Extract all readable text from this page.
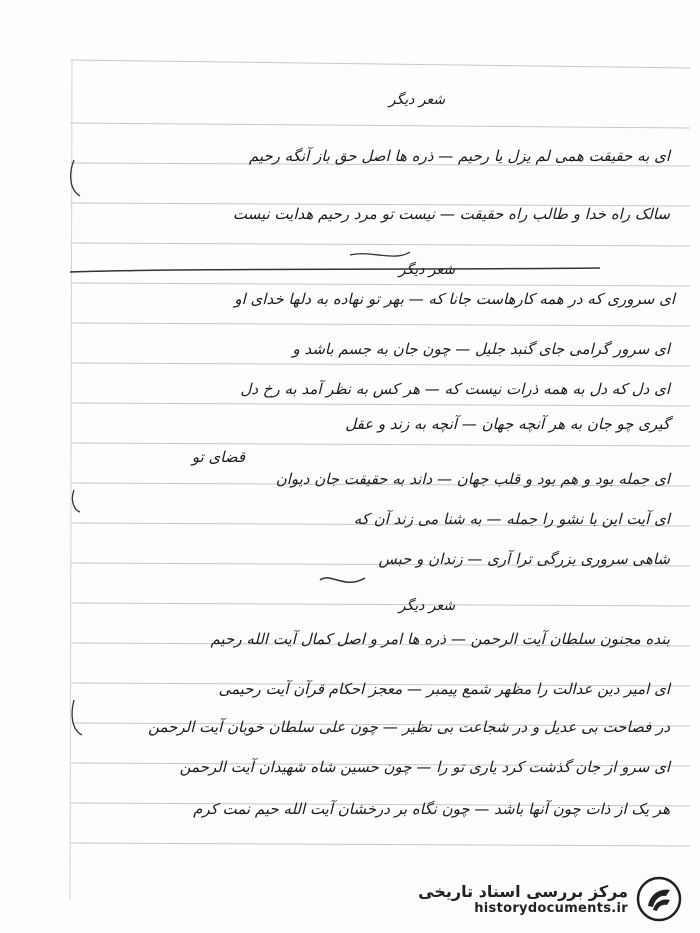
شعر دیگر
ای به حقیقت همی لم یزل یا رحیم — ذره ها اصل حق باز آنگه رحیم
سالک راه خدا و طالب راه حقیقت — نیست تو مرد رحیم هدایت نیست
شعر دیگر
ای سروری که در همه کارهاست جانا که — بهر تو نهاده به دلها خدای او
ای سرور گرامی جای گنبد جلیل — چون جان به جسم باشد و
ای دل که دل به همه ذرات نیست که — هر کس به نظر آمد به رخ دل
گیری چو جان به هر آنچه جهان — آنچه به زند و عقل
قضای تو
ای جمله بود و هم بود و قلب جهان — داند به حقیقت جان دیوان
ای آیت این با نشو را جمله — به شنا می زند آن که
شاهی سروری بزرگی ترا آری — زندان و حبس
شعر دیگر
بنده مجنون سلطان آیت الرحمن — ذره ها امر و اصل کمال آیت الله رحیم
ای امیر دین عدالت را مظهر شمع پیمبر — معجز احکام قرآن آیت رحیمی
در فصاحت بی عدیل و در شجاعت بی نظیر — چون علی سلطان خوبان آیت الرحمن
ای سرو از جان گذشت کرد یاری تو را — چون حسین شاه شهیدان آیت الرحمن
هر یک از ذات چون آنها باشد — چون نگاه بر درخشان آیت الله حیم نمت کرم
مرکز بررسی اسناد تاریخی
historydocuments.ir
